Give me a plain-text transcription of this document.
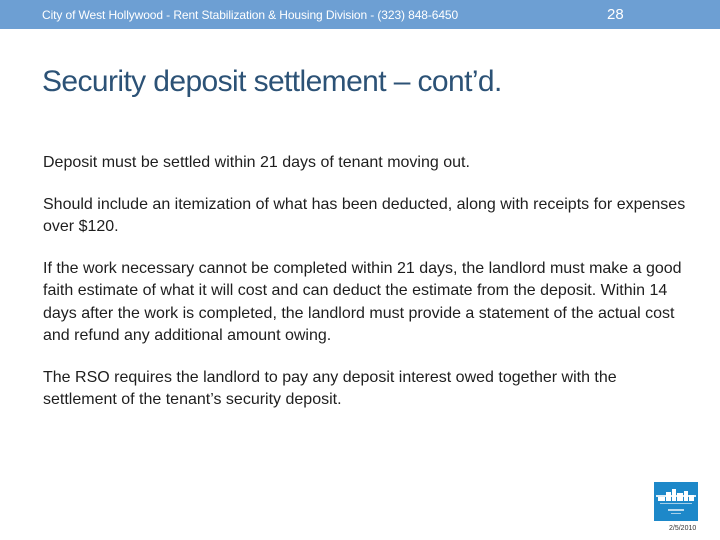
City of West Hollywood - Rent Stabilization & Housing Division - (323) 848-6450	28
Security deposit settlement – cont’d.

Deposit must be settled within 21 days of tenant moving out.

Should include an itemization of what has been deducted, along with receipts for expenses over $120.

If the work necessary cannot be completed within 21 days, the landlord must make a good faith estimate of what it will cost and can deduct the estimate from the deposit. Within 14 days after the work is completed, the landlord must provide a statement of the actual cost and refund any additional amount owing.

The RSO requires the landlord to pay any deposit interest owed together with the settlement of the tenant’s security deposit.

2/5/2010
